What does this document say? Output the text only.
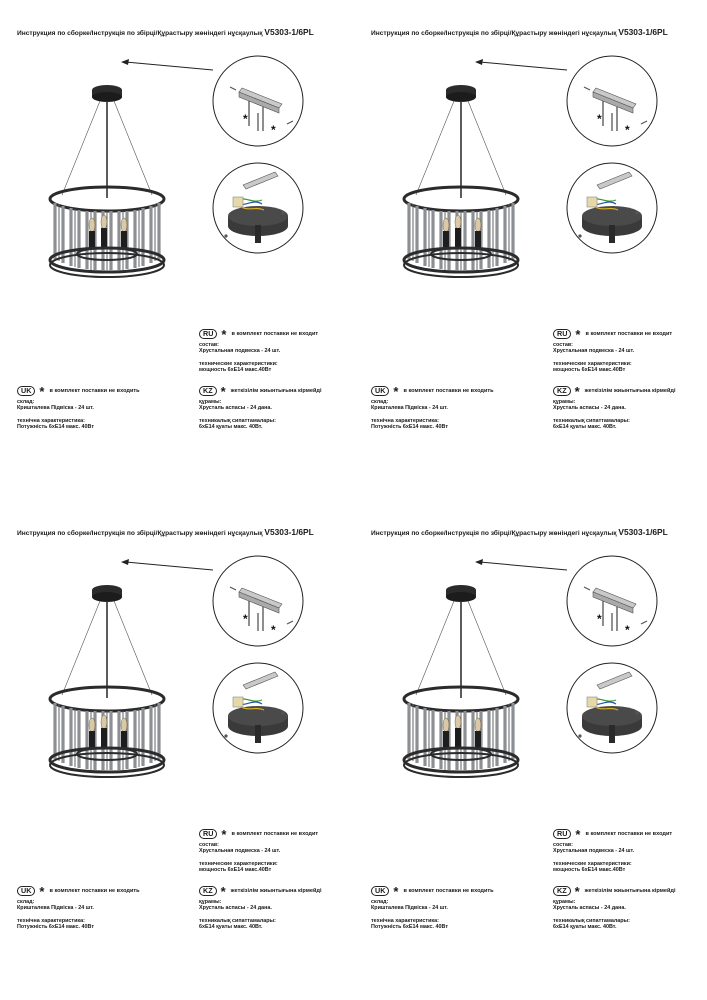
Инструкция по сборке/Інструкція по збірці/Құрастыру жөніндегі нұсқаулық V5303-1/6PL
*
*
RU * в комплект поставки не входит
состав:
Хрустальная подвеска - 24 шт.
технические характеристики:
мощность 6хЕ14 макс.40Вт
UK * в комплект поставки не входить
склад:
Кришталева Підвіска - 24 шт.
технічна характеристика:
Потужність 6хЕ14 макс. 40Вт
KZ * жеткізілім жиынтығына кірмейді
құрамы:
Хрусталь аспасы - 24 дана.
техникалық сипаттамалары:
6хЕ14 қуаты макс. 40Вт.
Инструкция по сборке/Інструкція по збірці/Құрастыру жөніндегі нұсқаулық V5303-1/6PL
*
*
RU * в комплект поставки не входит
состав:
Хрустальная подвеска - 24 шт.
технические характеристики:
мощность 6хЕ14 макс.40Вт
UK * в комплект поставки не входить
склад:
Кришталева Підвіска - 24 шт.
технічна характеристика:
Потужність 6хЕ14 макс. 40Вт
KZ * жеткізілім жиынтығына кірмейді
құрамы:
Хрусталь аспасы - 24 дана.
техникалық сипаттамалары:
6хЕ14 қуаты макс. 40Вт.
Инструкция по сборке/Інструкція по збірці/Құрастыру жөніндегі нұсқаулық V5303-1/6PL
*
*
RU * в комплект поставки не входит
состав:
Хрустальная подвеска - 24 шт.
технические характеристики:
мощность 6хЕ14 макс.40Вт
UK * в комплект поставки не входить
склад:
Кришталева Підвіска - 24 шт.
технічна характеристика:
Потужність 6хЕ14 макс. 40Вт
KZ * жеткізілім жиынтығына кірмейді
құрамы:
Хрусталь аспасы - 24 дана.
техникалық сипаттамалары:
6хЕ14 қуаты макс. 40Вт.
Инструкция по сборке/Інструкція по збірці/Құрастыру жөніндегі нұсқаулық V5303-1/6PL
*
*
RU * в комплект поставки не входит
состав:
Хрустальная подвеска - 24 шт.
технические характеристики:
мощность 6хЕ14 макс.40Вт
UK * в комплект поставки не входить
склад:
Кришталева Підвіска - 24 шт.
технічна характеристика:
Потужність 6хЕ14 макс. 40Вт
KZ * жеткізілім жиынтығына кірмейді
құрамы:
Хрусталь аспасы - 24 дана.
техникалық сипаттамалары:
6хЕ14 қуаты макс. 40Вт.
